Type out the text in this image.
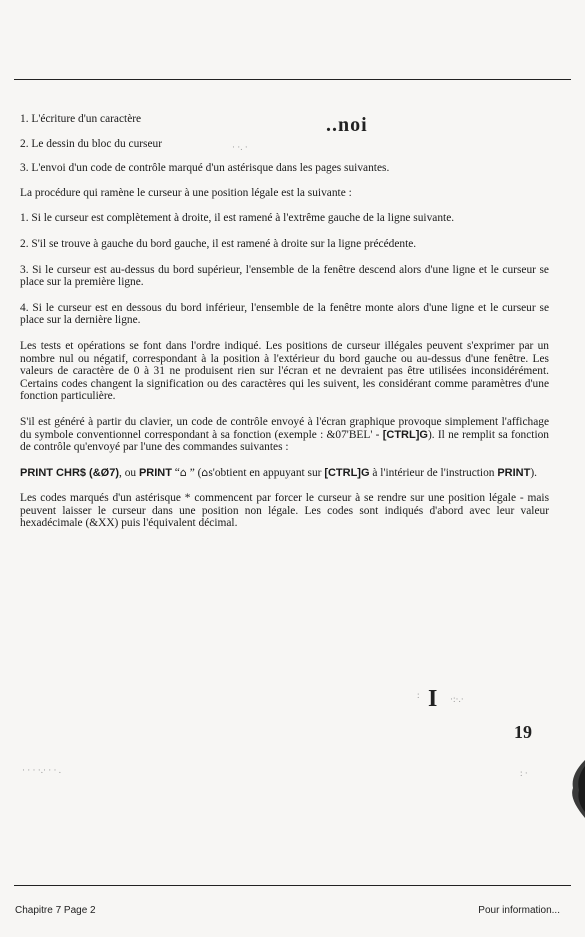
..noi
· ·. ·

1. L'écriture d'un caractère

2. Le dessin du bloc du curseur

3. L'envoi d'un code de contrôle marqué d'un astérisque dans les pages suivantes.

La procédure qui ramène le curseur à une position légale est la suivante :

1. Si le curseur est complètement à droite, il est ramené à l'extrême gauche de la ligne suivante.

2. S'il se trouve à gauche du bord gauche, il est ramené à droite sur la ligne précédente.

3. Si le curseur est au-dessus du bord supérieur, l'ensemble de la fenêtre descend alors d'une ligne et le curseur se place sur la première ligne.

4. Si le curseur est en dessous du bord inférieur, l'ensemble de la fenêtre monte alors d'une ligne et le curseur se place sur la dernière ligne.

Les tests et opérations se font dans l'ordre indiqué. Les positions de curseur illégales peuvent s'exprimer par un nombre nul ou négatif, correspondant à la position à l'extérieur du bord gauche ou au-dessus d'une fenêtre. Les valeurs de caractère de 0 à 31 ne produisent rien sur l'écran et ne devraient pas être utilisées inconsidérément. Certains codes changent la signification ou des caractères qui les suivent, les considérant comme paramètres d'une fonction particulière.

S'il est généré à partir du clavier, un code de contrôle envoyé à l'écran graphique provoque simplement l'affichage du symbole conventionnel correspondant à sa fonction (exemple : &07'BEL' - [CTRL]G). Il ne remplit sa fonction de contrôle qu'envoyé par l'une des commandes suivantes :

PRINT CHR$ (&Ø7), ou PRINT “⌂ ” (⌂s'obtient en appuyant sur [CTRL]G à l'intérieur de l'instruction PRINT).

Les codes marqués d'un astérisque * commencent par forcer le curseur à se rendre sur une position légale - mais peuvent laisser le curseur dans une position non légale. Les codes sont indiqués d'abord avec leur valeur hexadécimale (&XX) puis l'équivalent décimal.

I
:	·:·.·
19
· · · ·.· · · .	: ·
Chapitre 7 Page 2	Pour information...
